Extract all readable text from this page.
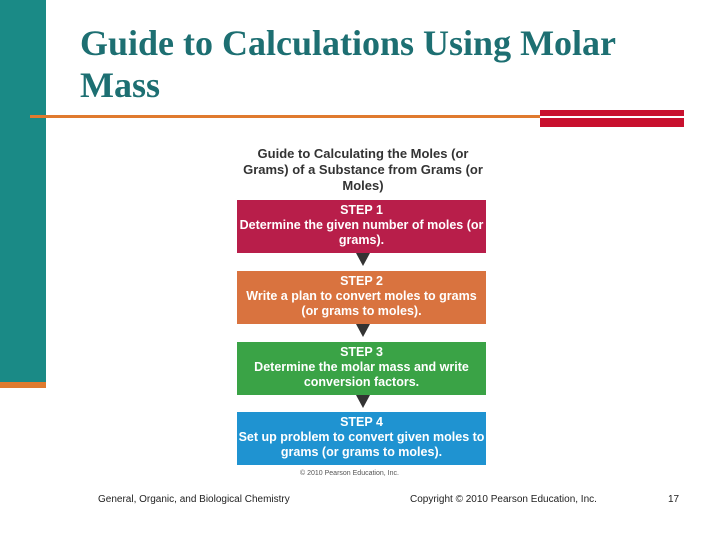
Guide to Calculations Using Molar Mass
Guide to Calculating the Moles (or Grams) of a Substance from Grams (or Moles)
STEP 1
Determine the given number of moles (or grams).
STEP 2
Write a plan to convert moles to grams (or grams to moles).
STEP 3
Determine the molar mass and write conversion factors.
STEP 4
Set up problem to convert given moles to grams (or grams to moles).
© 2010 Pearson Education, Inc.
General, Organic, and Biological Chemistry	Copyright © 2010 Pearson Education, Inc.	17
